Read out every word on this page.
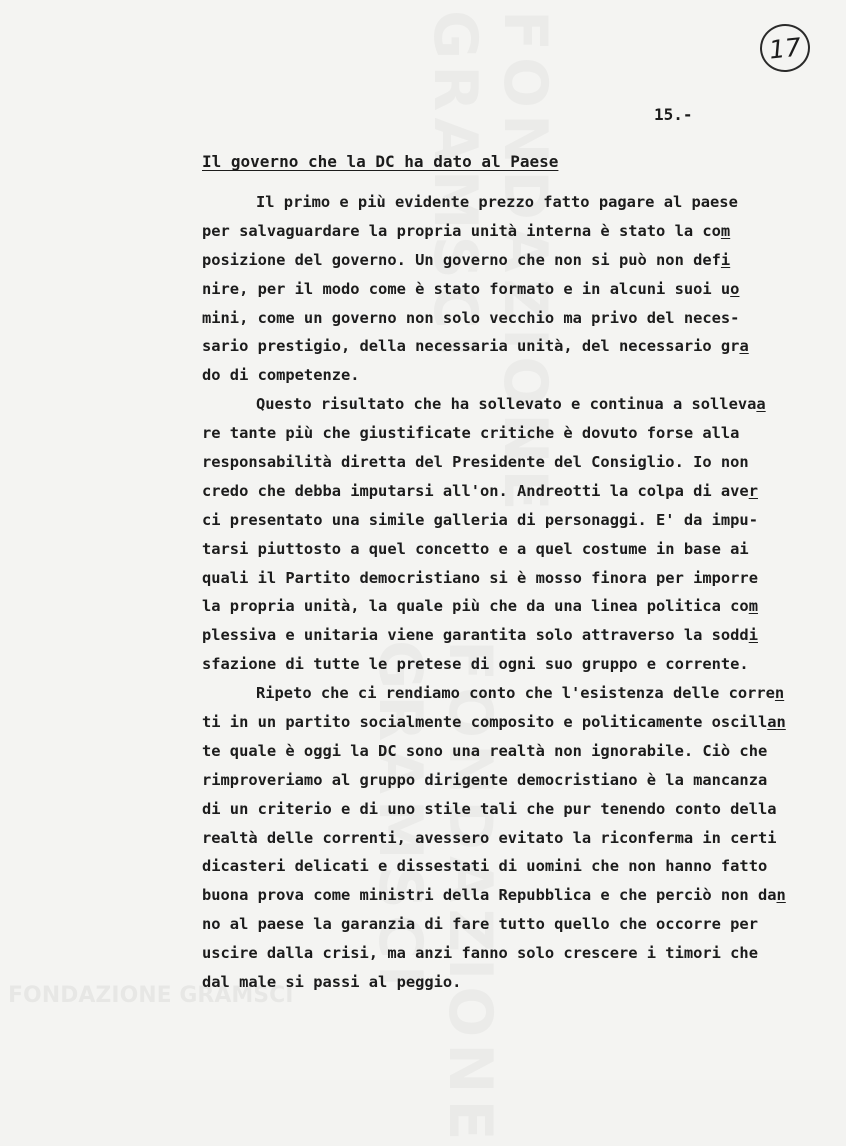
FONDAZIONE GRAMSCI
17
15.-
Il governo che la DC ha dato al Paese
Il primo e più evidente prezzo fatto pagare al paese
per salvaguardare la propria unità interna è stato la com
posizione del governo. Un governo che non si può non defi
nire, per il modo come è stato formato e in alcuni suoi uo
mini, come un governo non solo vecchio ma privo del neces-
sario prestigio, della necessaria unità, del necessario gra
do di competenze.
Questo risultato che ha sollevato e continua a sollevaa
re tante più che giustificate critiche è dovuto forse alla
responsabilità diretta del Presidente del Consiglio. Io non
credo che debba imputarsi all'on. Andreotti la colpa di aver
ci presentato una simile galleria di personaggi. E' da impu-
tarsi piuttosto a quel concetto e a quel costume in base ai
quali il Partito democristiano si è mosso finora per imporre
la propria unità, la quale più che da una linea politica com
plessiva e unitaria viene garantita solo attraverso la soddi
sfazione di tutte le pretese di ogni suo gruppo e corrente.
Ripeto che ci rendiamo conto che l'esistenza delle corren
ti in un partito socialmente composito e politicamente oscillan
te quale è oggi la DC sono una realtà non ignorabile. Ciò che
rimproveriamo al gruppo dirigente democristiano è la mancanza
di un criterio e di uno stile tali che pur tenendo conto della
realtà delle correnti, avessero evitato la riconferma in certi
dicasteri delicati e dissestati di uomini che non hanno fatto
buona prova come ministri della Repubblica e che perciò non dan
no al paese la garanzia di fare tutto quello che occorre per
uscire dalla crisi, ma anzi fanno solo crescere i timori che
dal male si passi al peggio.
